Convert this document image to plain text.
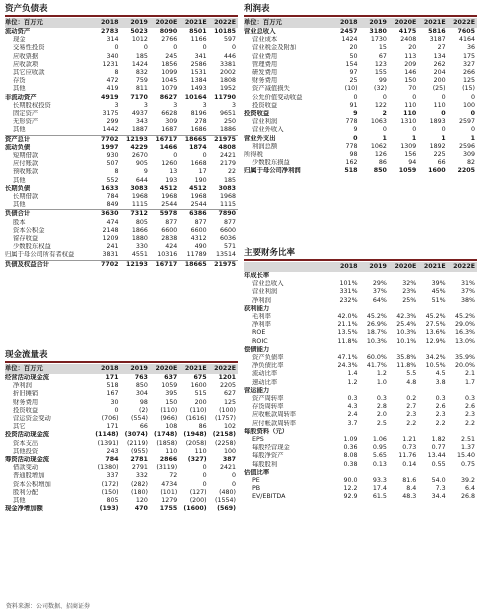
资产负债表
单位：百万元	2018	2019	2020E	2021E	2022E
流动资产	2783	5023	8090	8501	10185
现金	314	1012	2766	1166	597
交易性投资	0	0	0	0	0
应收票据	340	185	245	341	446
应收款项	1231	1424	1856	2586	3381
其它应收款	8	832	1099	1531	2002
存货	472	759	1045	1384	1808
其他	419	811	1079	1493	1952
非流动资产	4919	7170	8627	10164	11790
长期股权投资	3	3	3	3	3
固定资产	3175	4937	6628	8196	9651
无形资产	299	343	309	278	250
其他	1442	1887	1687	1686	1886
资产总计	7702	12193	16717	18665	21975
流动负债	1997	4229	1466	1874	4808
短期借款	930	2670	0	0	2421
应付账款	507	905	1260	1668	2179
预收账款	8	9	13	17	22
其他	552	644	193	190	185
长期负债	1633	3083	4512	4512	3083
长期借款	784	1968	1968	1968	1968
其他	849	1115	2544	2544	1115
负债合计	3630	7312	5978	6386	7890
股本	474	805	877	877	877
资本公积金	2148	1866	6600	6600	6600
留存收益	1209	1880	2838	4312	6036
少数股东权益	241	330	424	490	571
归属于母公司所有者权益	3831	4551	10316	11789	13514
负债及权益合计	7702	12193	16717	18665	21975
现金流量表
单位：百万元	2018	2019	2020E	2021E	2022E
经营活动现金流	171	763	637	675	1201
净利润	518	850	1059	1600	2205
折旧摊销	167	304	395	515	627
财务费用	30	98	150	200	125
投资收益	0	(2)	(110)	(110)	(100)
营运资金变动	(706)	(554)	(966)	(1616)	(1757)
其它	171	66	108	86	102
投资活动现金流	(1148)	(3074)	(1748)	(1948)	(2158)
资本支出	(1391)	(2119)	(1858)	(2058)	(2258)
其他投资	243	(955)	110	110	100
筹资活动现金流	784	2781	2866	(327)	387
借款变动	(1380)	2791	(3119)	0	2421
普通股增加	337	332	72	0	0
资本公积增加	(172)	(282)	4734	0	0
股利分配	(150)	(180)	(101)	(127)	(480)
其他	805	120	1279	(200)	(1554)
现金净增加额	(193)	470	1755	(1600)	(569)
利润表
单位：百万元	2018	2019	2020E	2021E	2022E
营业总收入	2457	3180	4175	5816	7605
营业成本	1424	1730	2408	3187	4164
营业税金及附加	20	15	20	27	36
营业费用	50	67	113	134	175
管理费用	154	123	209	262	327
研发费用	97	155	146	204	266
财务费用	25	99	150	200	125
资产减值损失	(10)	(32)	70	(25)	(15)
公允价值变动收益	0	0	0	0	0
投资收益	91	122	110	110	100
投资收益	9	2	110	0	0
营业利润	778	1063	1310	1893	2597
营业外收入	9	0	0	0	0
营业外支出	0	1	1	1	1
利润总额	778	1062	1309	1892	2596
所得税	98	126	156	225	309
少数股东损益	162	86	94	66	82
归属于母公司净利润	518	850	1059	1600	2205
主要财务比率
	2018	2019	2020E	2021E	2022E
年成长率					
营业总收入	101%	29%	32%	39%	31%
营业利润	331%	37%	23%	45%	37%
净利润	232%	64%	25%	51%	38%
获利能力					
毛利率	42.0%	45.2%	42.3%	45.2%	45.2%
净利率	21.1%	26.9%	25.4%	27.5%	29.0%
ROE	13.5%	18.7%	10.3%	13.6%	16.3%
ROIC	11.8%	10.3%	10.1%	12.9%	13.0%
偿债能力					
资产负债率	47.1%	60.0%	35.8%	34.2%	35.9%
净负债比率	24.3%	41.7%	11.8%	10.5%	20.0%
流动比率	1.4	1.2	5.5	4.5	2.1
速动比率	1.2	1.0	4.8	3.8	1.7
营运能力					
资产周转率	0.3	0.3	0.2	0.3	0.3
存货周转率	4.3	2.8	2.7	2.6	2.6
应收帐款周转率	2.4	2.0	2.3	2.3	2.3
应付帐款周转率	3.7	2.5	2.2	2.2	2.2
每股资料（元）					
EPS	1.09	1.06	1.21	1.82	2.51
每股经营现金	0.36	0.95	0.73	0.77	1.37
每股净资产	8.08	5.65	11.76	13.44	15.40
每股股利	0.38	0.13	0.14	0.55	0.75
估值比率					
PE	90.0	93.3	81.6	54.0	39.2
PB	12.2	17.4	8.4	7.3	6.4
EV/EBITDA	92.9	61.5	48.3	34.4	26.8
资料来源：公司数据、招商证券
